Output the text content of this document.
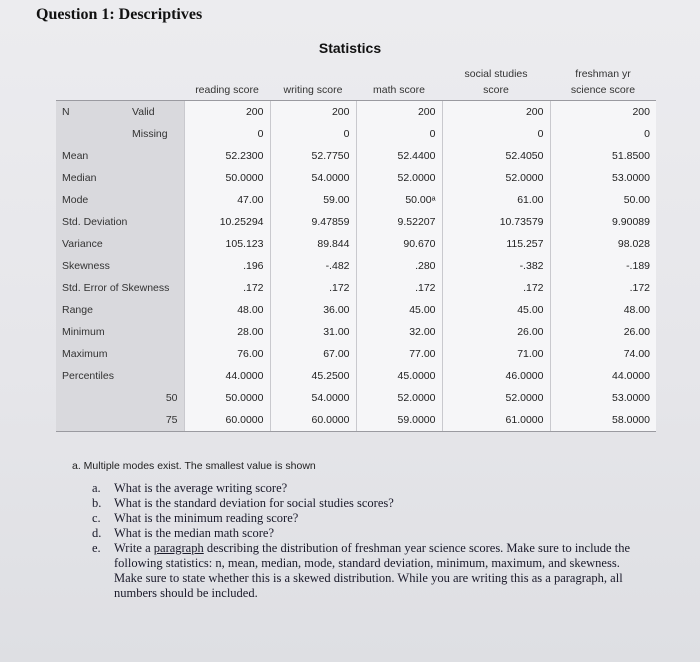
Question 1: Descriptives
Statistics
					social studies	freshman yr
		reading score	writing score	math score	score	science score
N	Valid	200	200	200	200	200
	Missing	0	0	0	0	0
Mean		52.2300	52.7750	52.4400	52.4050	51.8500
Median		50.0000	54.0000	52.0000	52.0000	53.0000
Mode		47.00	59.00	50.00ᵃ	61.00	50.00
Std. Deviation		10.25294	9.47859	9.52207	10.73579	9.90089
Variance		105.123	89.844	90.670	115.257	98.028
Skewness		.196	-.482	.280	-.382	-.189
Std. Error of Skewness		.172	.172	.172	.172	.172
Range		48.00	36.00	45.00	45.00	48.00
Minimum		28.00	31.00	32.00	26.00	26.00
Maximum		76.00	67.00	77.00	71.00	74.00
Percentiles		44.0000	45.2500	45.0000	46.0000	44.0000
	50	50.0000	54.0000	52.0000	52.0000	53.0000
	75	60.0000	60.0000	59.0000	61.0000	58.0000
a. Multiple modes exist. The smallest value is shown
a.	What is the average writing score?
b.	What is the standard deviation for social studies scores?
c.	What is the minimum reading score?
d.	What is the median math score?
e.	Write a paragraph describing the distribution of freshman year science scores. Make sure to include the following statistics: n, mean, median, mode, standard deviation, minimum, maximum, and skewness. Make sure to state whether this is a skewed distribution. While you are writing this as a paragraph, all numbers should be included.
